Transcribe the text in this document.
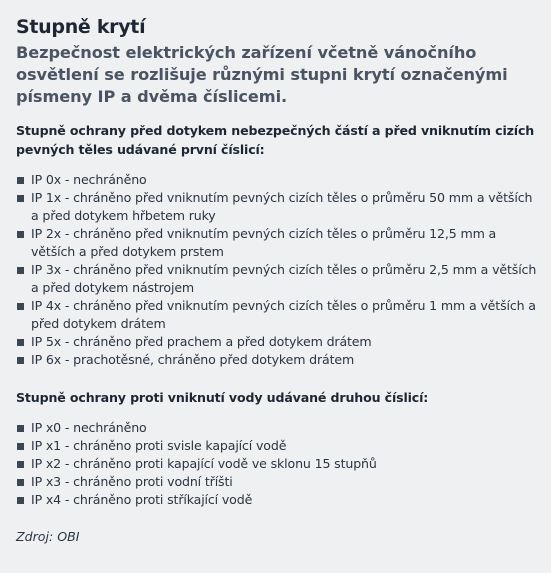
Stupně krytí

Bezpečnost elektrických zařízení včetně vánočního osvětlení se rozlišuje různými stupni krytí označenými písmeny IP a dvěma číslicemi.

Stupně ochrany před dotykem nebezpečných částí a před vniknutím cizích pevných těles udávané první číslicí:

IP 0x - nechráněno
IP 1x - chráněno před vniknutím pevných cizích těles o průměru 50 mm a větších a před dotykem hřbetem ruky
IP 2x - chráněno před vniknutím pevných cizích těles o průměru 12,5 mm a větších a před dotykem prstem
IP 3x - chráněno před vniknutím pevných cizích těles o průměru 2,5 mm a větších a před dotykem nástrojem
IP 4x - chráněno před vniknutím pevných cizích těles o průměru 1 mm a větších a před dotykem drátem
IP 5x - chráněno před prachem a před dotykem drátem
IP 6x - prachotěsné, chráněno před dotykem drátem

Stupně ochrany proti vniknutí vody udávané druhou číslicí:

IP x0 - nechráněno
IP x1 - chráněno proti svisle kapající vodě
IP x2 - chráněno proti kapající vodě ve sklonu 15 stupňů
IP x3 - chráněno proti vodní tříšti
IP x4 - chráněno proti stříkající vodě

Zdroj: OBI
